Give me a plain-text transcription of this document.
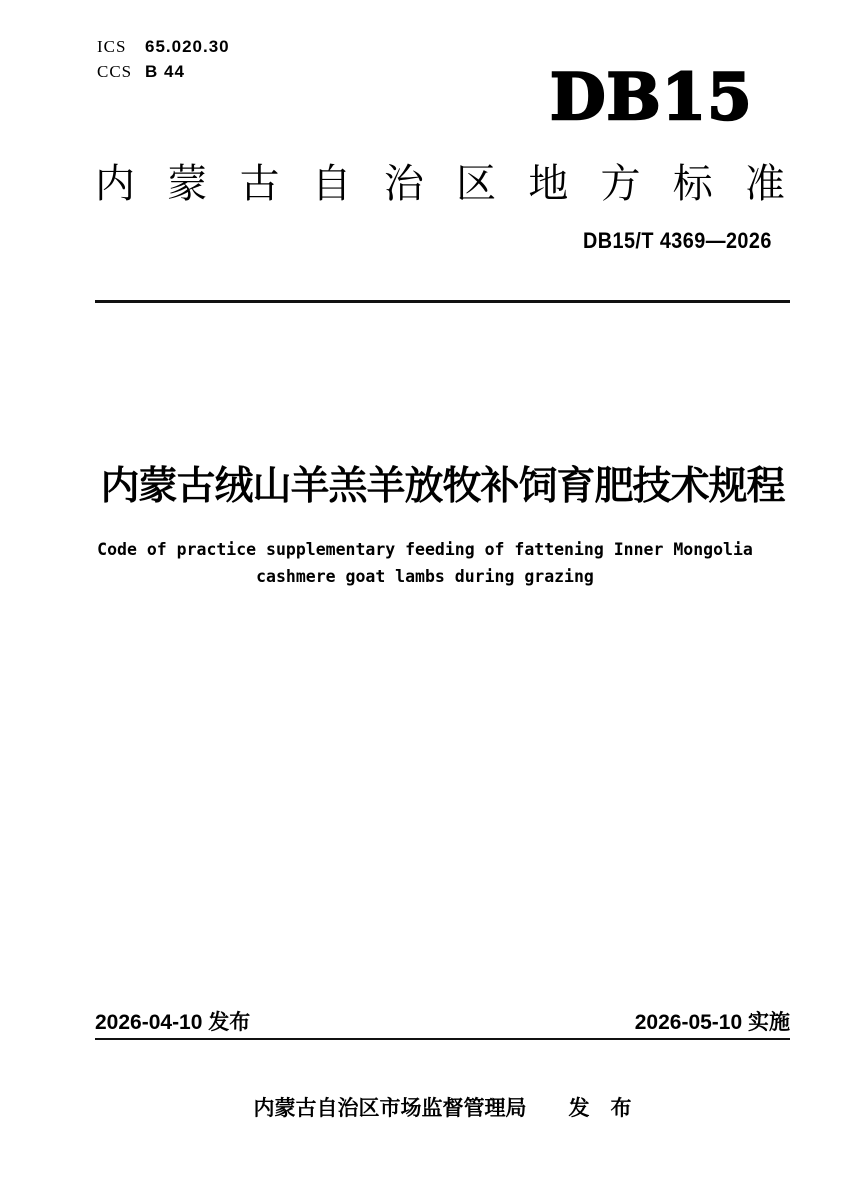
ICS	65.020.30
CCS B 44	DB15
内蒙古自治区地方标准
DB15/T 4369—2026
内蒙古绒山羊羔羊放牧补饲育肥技术规程
Code of practice supplementary feeding of fattening Inner Mongolia
cashmere goat lambs during grazing
2026-04-10 发布	2026-05-10 实施
内蒙古自治区市场监督管理局 发　布
